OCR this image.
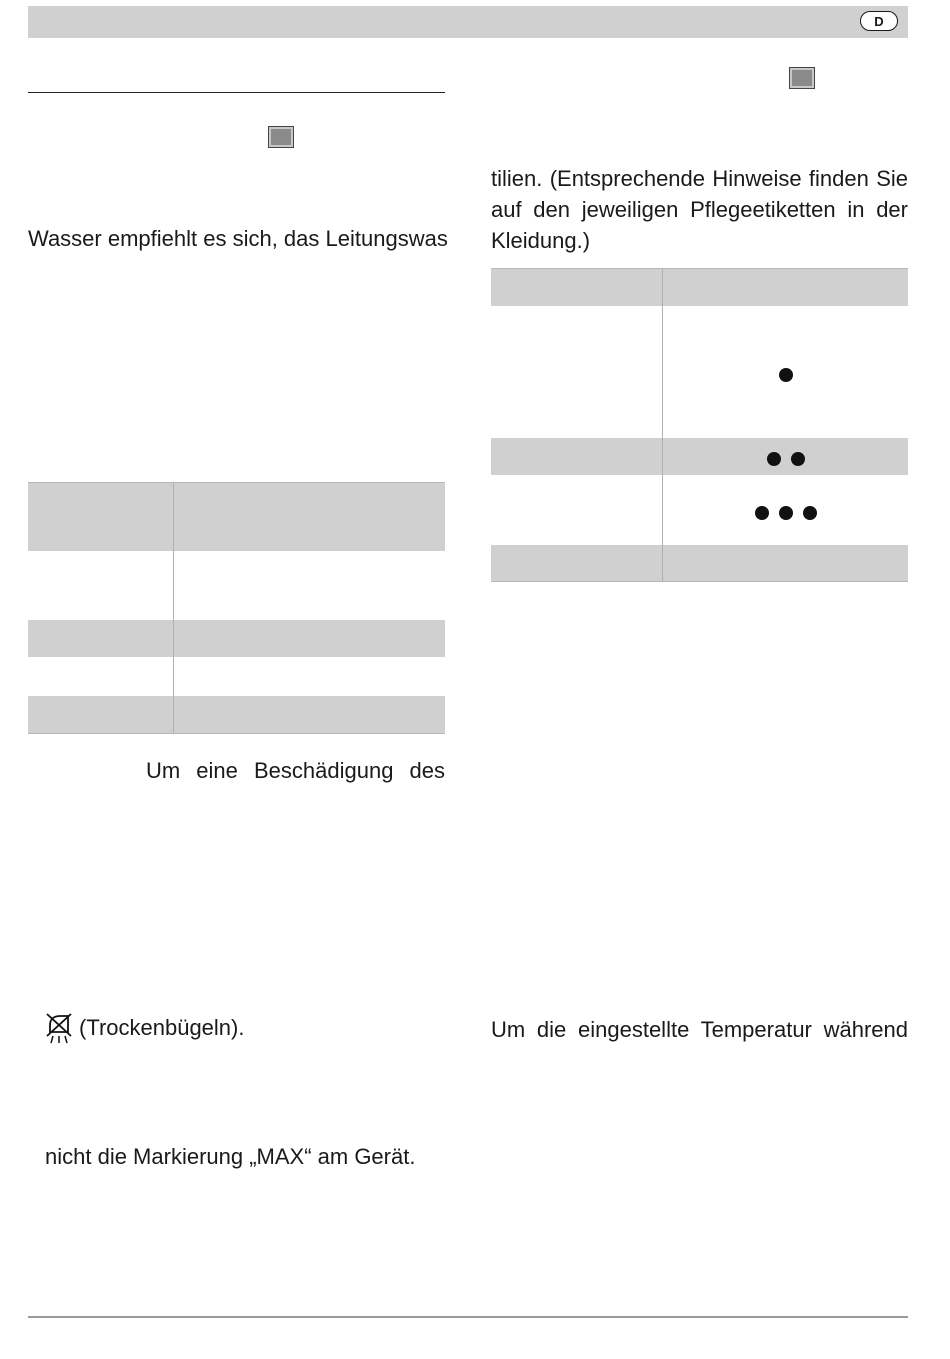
D
Wasser empfiehlt es sich, das Leitungswas
Um eine Beschädigung des
(Trockenbügeln).
nicht die Markierung „MAX“ am Gerät.
tilien. (Entsprechende Hinweise finden Sie
auf den jeweiligen Pflegeetiketten in der
Kleidung.)
Um die eingestellte Temperatur während
